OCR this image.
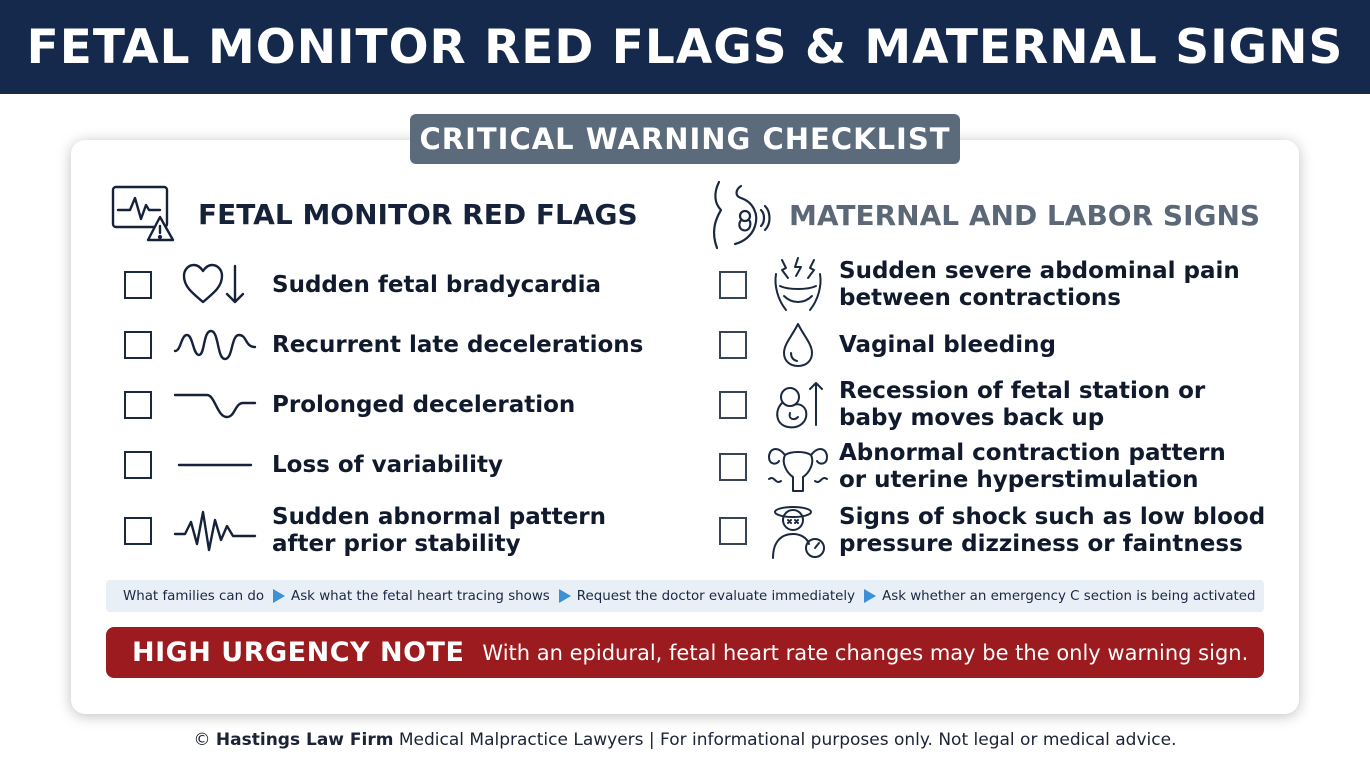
FETAL MONITOR RED FLAGS & MATERNAL SIGNS
CRITICAL WARNING CHECKLIST
FETAL MONITOR RED FLAGS	MATERNAL AND LABOR SIGNS
Sudden fetal bradycardia
Recurrent late decelerations
Prolonged deceleration
Loss of variability
Sudden abnormal pattern
after prior stability
Sudden severe abdominal pain
between contractions
Vaginal bleeding
Recession of fetal station or
baby moves back up
Abnormal contraction pattern
or uterine hyperstimulation
Signs of shock such as low blood
pressure dizziness or faintness
What families can do Ask what the fetal heart tracing shows Request the doctor evaluate immediately Ask whether an emergency C section is being activated
HIGH URGENCY NOTE With an epidural, fetal heart rate changes may be the only warning sign.
© Hastings Law Firm Medical Malpractice Lawyers | For informational purposes only. Not legal or medical advice.
